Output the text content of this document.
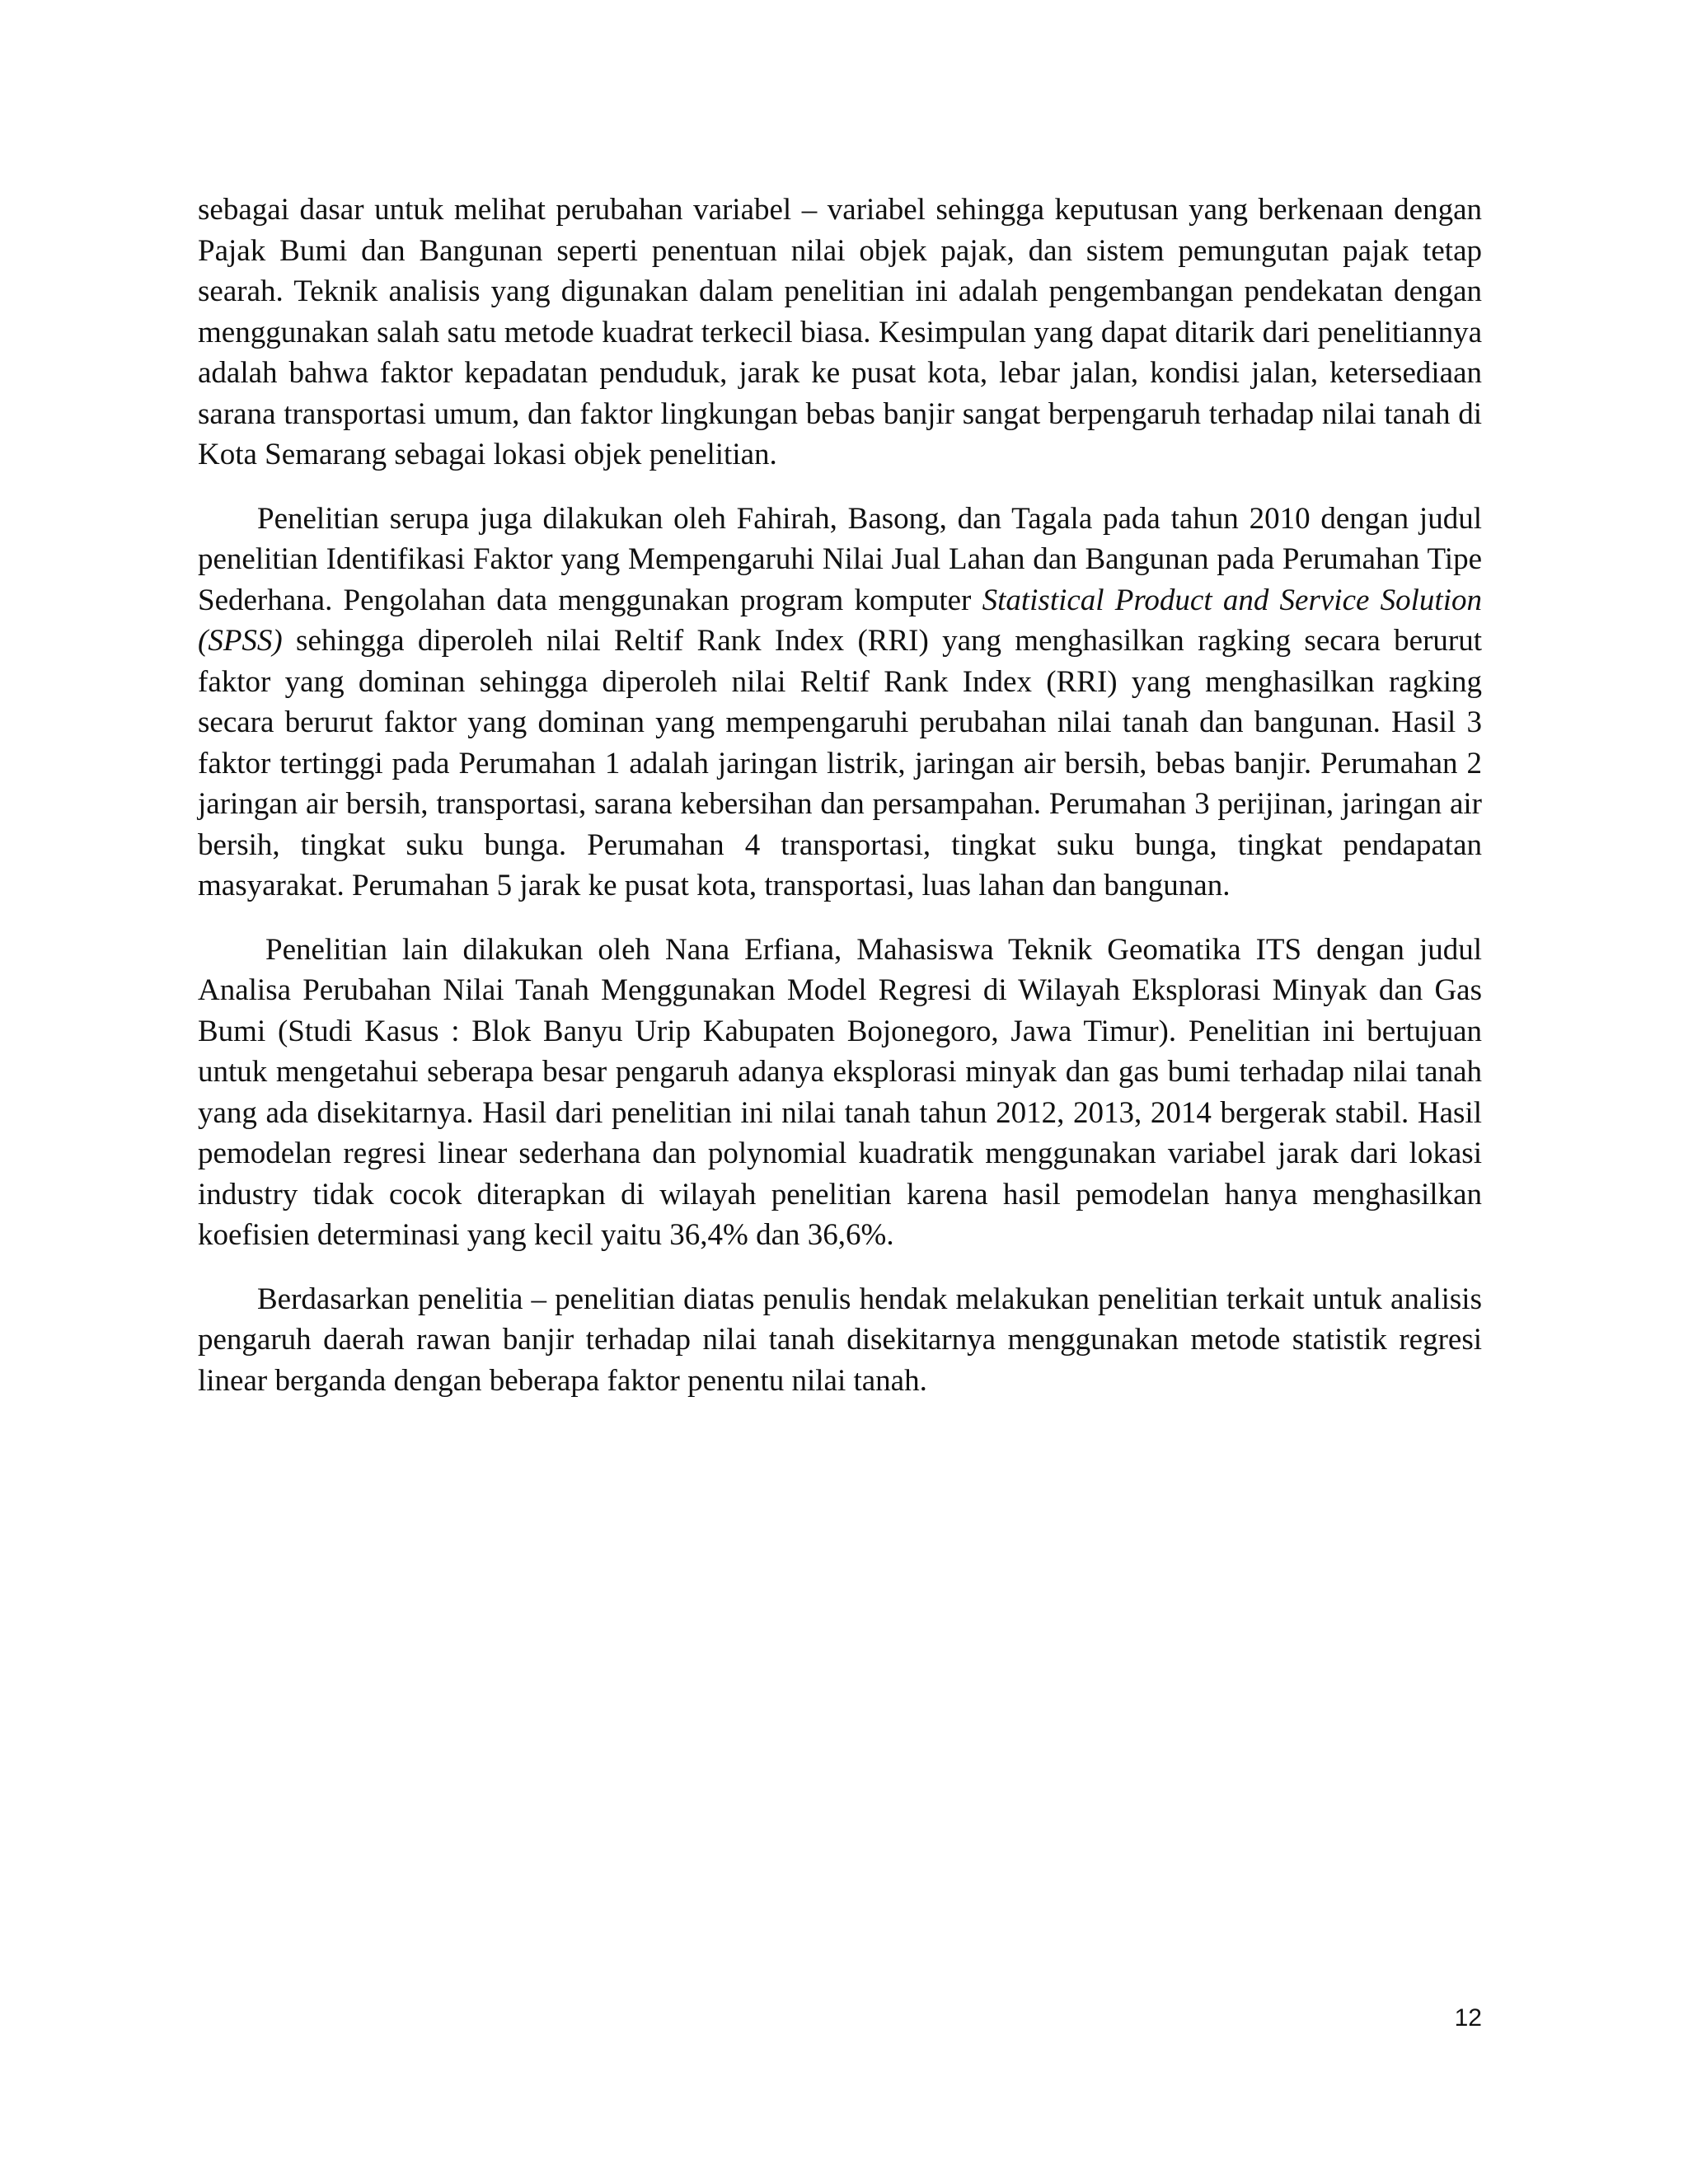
sebagai dasar untuk melihat perubahan variabel – variabel sehingga keputusan yang berkenaan dengan Pajak Bumi dan Bangunan seperti penentuan nilai objek pajak, dan sistem pemungutan pajak tetap searah. Teknik analisis yang digunakan dalam penelitian ini adalah pengembangan pendekatan dengan menggunakan salah satu metode kuadrat terkecil biasa. Kesimpulan yang dapat ditarik dari penelitiannya adalah bahwa faktor kepadatan penduduk, jarak ke pusat kota, lebar jalan, kondisi jalan, ketersediaan sarana transportasi umum, dan faktor lingkungan bebas banjir sangat berpengaruh terhadap nilai tanah di Kota Semarang sebagai lokasi objek penelitian.

Penelitian serupa juga dilakukan oleh Fahirah, Basong, dan Tagala pada tahun 2010 dengan judul penelitian Identifikasi Faktor yang Mempengaruhi Nilai Jual Lahan dan Bangunan pada Perumahan Tipe Sederhana. Pengolahan data menggunakan program komputer Statistical Product and Service Solution (SPSS) sehingga diperoleh nilai Reltif Rank Index (RRI) yang menghasilkan ragking secara berurut faktor yang dominan sehingga diperoleh nilai Reltif Rank Index (RRI) yang menghasilkan ragking secara berurut faktor yang dominan yang mempengaruhi perubahan nilai tanah dan bangunan. Hasil 3 faktor tertinggi pada Perumahan 1 adalah jaringan listrik, jaringan air bersih, bebas banjir. Perumahan 2 jaringan air bersih, transportasi, sarana kebersihan dan persampahan. Perumahan 3 perijinan, jaringan air bersih, tingkat suku bunga. Perumahan 4 transportasi, tingkat suku bunga, tingkat pendapatan masyarakat. Perumahan 5 jarak ke pusat kota, transportasi, luas lahan dan bangunan.

Penelitian lain dilakukan oleh Nana Erfiana, Mahasiswa Teknik Geomatika ITS dengan judul Analisa Perubahan Nilai Tanah Menggunakan Model Regresi di Wilayah Eksplorasi Minyak dan Gas Bumi (Studi Kasus : Blok Banyu Urip Kabupaten Bojonegoro, Jawa Timur). Penelitian ini bertujuan untuk mengetahui seberapa besar pengaruh adanya eksplorasi minyak dan gas bumi terhadap nilai tanah yang ada disekitarnya. Hasil dari penelitian ini nilai tanah tahun 2012, 2013, 2014 bergerak stabil. Hasil pemodelan regresi linear sederhana dan polynomial kuadratik menggunakan variabel jarak dari lokasi industry tidak cocok diterapkan di wilayah penelitian karena hasil pemodelan hanya menghasilkan koefisien determinasi yang kecil yaitu 36,4% dan 36,6%.

Berdasarkan penelitia – penelitian diatas penulis hendak melakukan penelitian terkait untuk analisis pengaruh daerah rawan banjir terhadap nilai tanah disekitarnya menggunakan metode statistik regresi linear berganda dengan beberapa faktor penentu nilai tanah.

12
